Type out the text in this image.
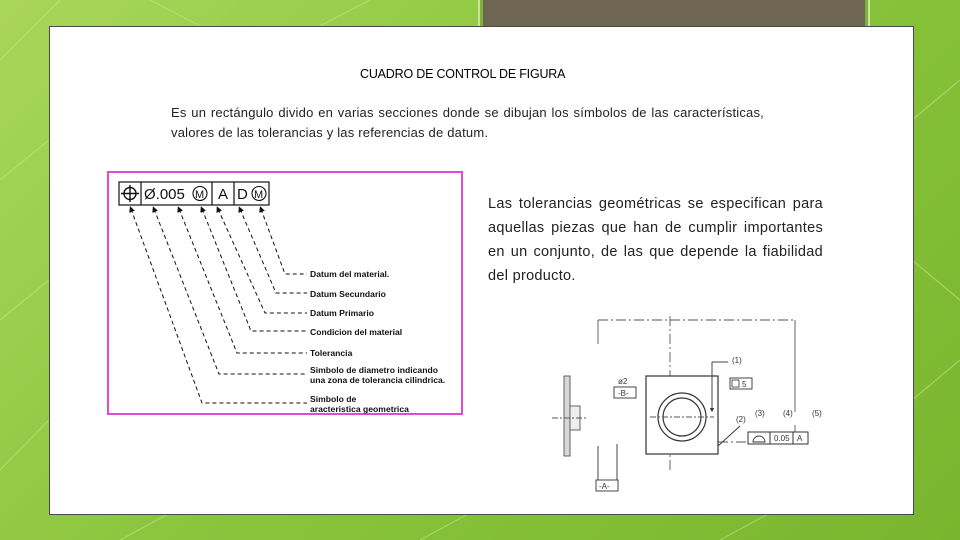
CUADRO DE CONTROL DE FIGURA
Es un rectángulo divido en varias secciones donde se dibujan los símbolos de las características, valores de las tolerancias y las referencias de datum.
Ø.005 M A D M
Datum del material.
Datum Secundario
Datum Primario
Condicion del material
Tolerancia
Simbolo de diametro indicando
una zona de tolerancia cilindrica.
Simbolo de
aracteristica geometrica
Las tolerancias geométricas se especifican para aquellas piezas que han de cumplir importantes en un conjunto, de las que depende la fiabilidad del producto.
(1)
ø2
-B-
5
(2)
(3) (4) (5)
0.05 A
-A-
